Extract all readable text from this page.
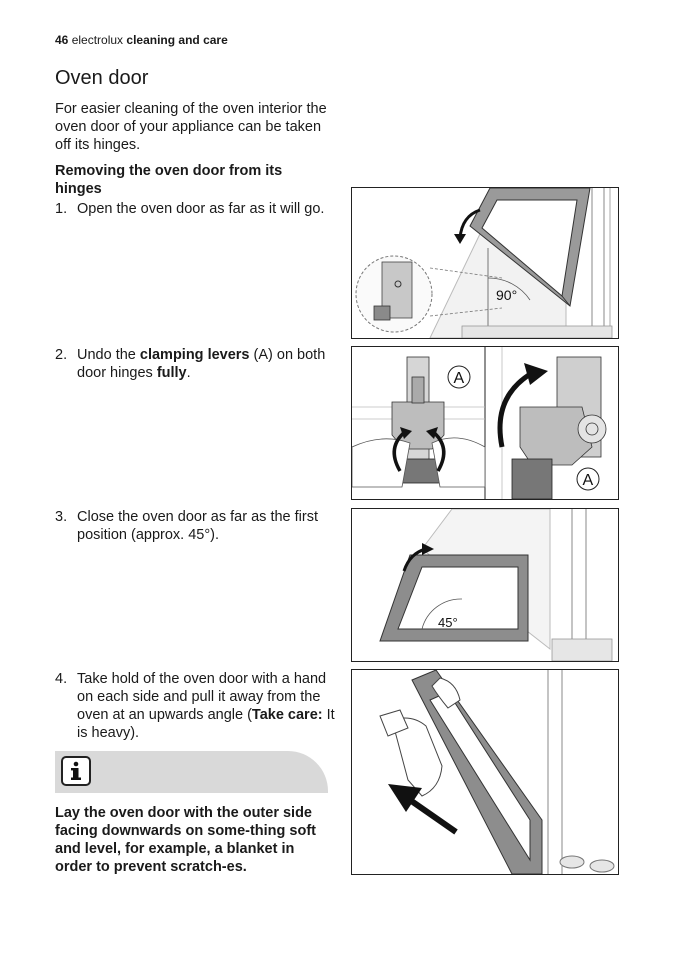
46 electrolux cleaning and care
Oven door

For easier cleaning of the oven interior the oven door of your appliance can be taken off its hinges.

Removing the oven door from its hinges

1. Open the oven door as far as it will go.
2. Undo the clamping levers (A) on both door hinges fully.
3. Close the oven door as far as the first position (approx. 45°).
4. Take hold of the oven door with a hand on each side and pull it away from the oven at an upwards angle (Take care: It is heavy).
90°
A
A
45°

Lay the oven door with the outer side facing downwards on some-thing soft and level, for example, a blanket in order to prevent scratch-es.
